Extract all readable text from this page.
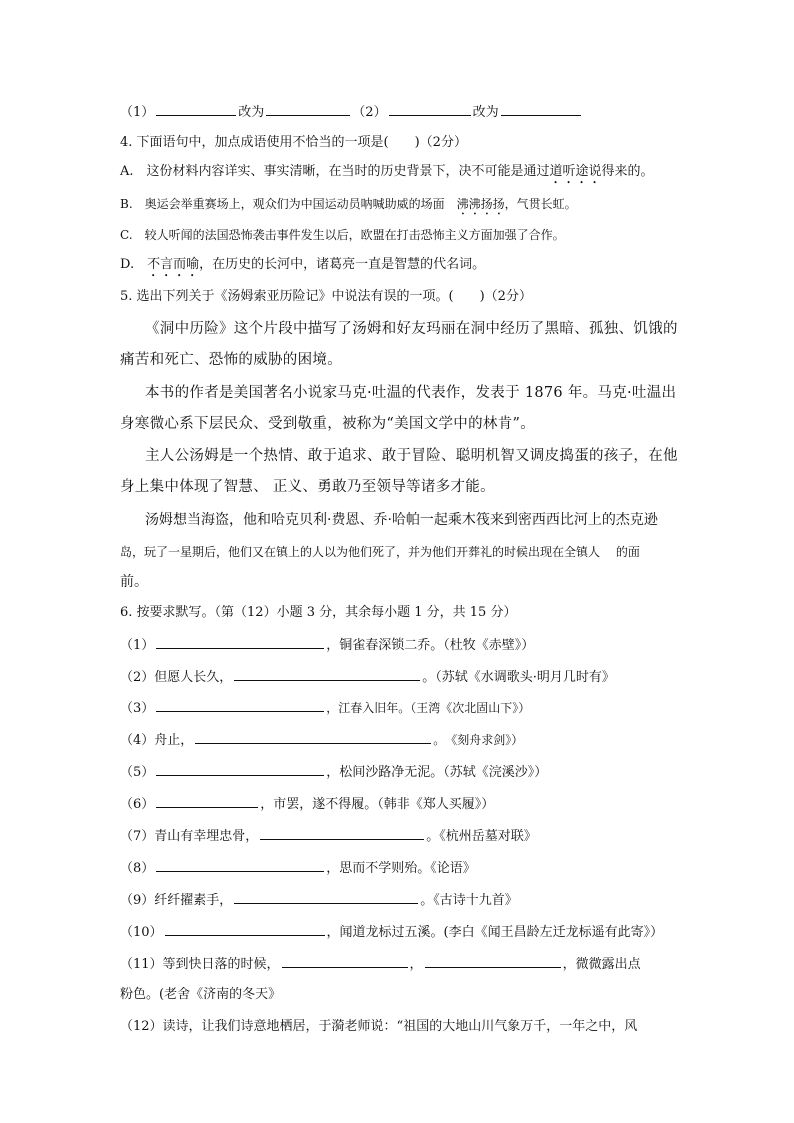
（1）	改为	（2）	改为
4. 下面语句中，加点成语使用不恰当的一项是(　　)（2分）
A.　这份材料内容详实、事实清晰，在当时的历史背景下，决不可能是通过道听途说得来的。
B.　奥运会举重赛场上，观众们为中国运动员呐喊助威的场面　沸沸扬扬，气贯长虹。
C.　较人听闻的法国恐怖袭击事件发生以后，欧盟在打击恐怖主义方面加强了合作。
D.　不言而喻，在历史的长河中，诸葛亮一直是智慧的代名词。
5. 选出下列关于《汤姆索亚历险记》中说法有误的一项。(　　)（2分）
《洞中历险》这个片段中描写了汤姆和好友玛丽在洞中经历了黑暗、孤独、饥饿的痛苦和死亡、恐怖的威胁的困境。
本书的作者是美国著名小说家马克·吐温的代表作，发表于 1876 年。马克·吐温出身寒微心系下层民众、受到敬重，被称为“美国文学中的林肯”。
主人公汤姆是一个热情、敢于追求、敢于冒险、聪明机智又调皮捣蛋的孩子，在他身上集中体现了智慧、 正义、勇敢乃至领导等诸多才能。
汤姆想当海盗，他和哈克贝利·费恩、乔·哈帕一起乘木筏来到密西西比河上的杰克逊
岛，玩了一星期后，他们又在镇上的人以为他们死了，并为他们开葬礼的时候出现在全镇人　 的面
前。
6. 按要求默写。（第（12）小题 3 分，其余每小题 1 分，共 15 分）
（1）	，铜雀春深锁二乔。（杜牧《赤壁》）
（2）但愿人长久，	。（苏轼《水调歌头·明月几时有》
（3）	，江春入旧年。（王湾《次北固山下》）
（4）舟止，	。　《刻舟求剑》）
（5）	，松间沙路净无泥。（苏轼《浣溪沙》）
（6）	，市罢，遂不得履。（韩非《郑人买履》）
（7）青山有幸埋忠骨，	。《杭州岳墓对联》
（8）	，思而不学则殆。《论语》
（9）纤纤擢素手，	。《古诗十九首》
（10）	，闻道龙标过五溪。(李白《闻王昌龄左迁龙标遥有此寄》）
（11）等到快日落的时候，	，	，微微露出点
粉色。(老舍《济南的冬天》
（12）读诗，让我们诗意地栖居，于漪老师说：“祖国的大地山川气象万千，一年之中，风
